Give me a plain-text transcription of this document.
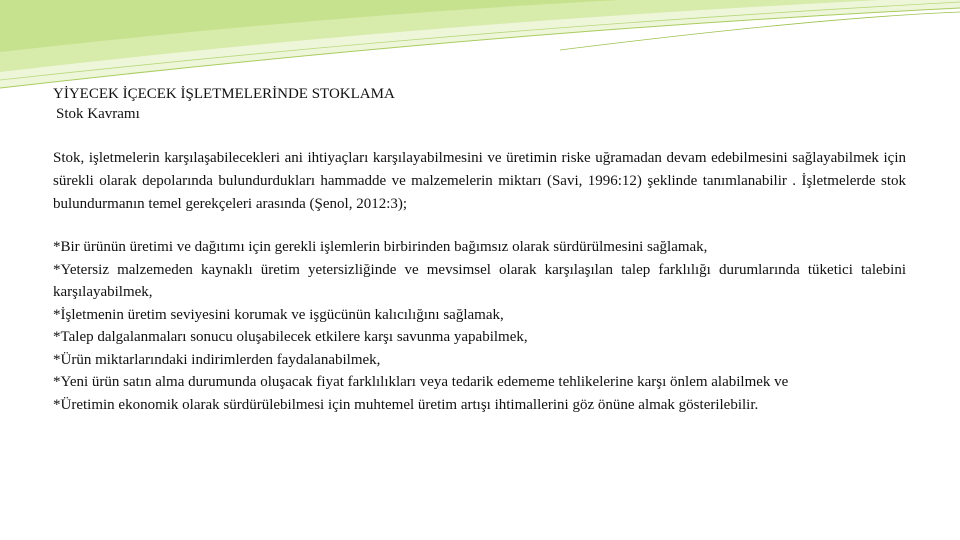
YİYECEK İÇECEK İŞLETMELERİNDE STOKLAMA

Stok Kavramı

Stok, işletmelerin karşılaşabilecekleri ani ihtiyaçları karşılayabilmesini ve üretimin riske uğramadan devam edebilmesini sağlayabilmek için sürekli olarak depolarında bulundurdukları hammadde ve malzemelerin miktarı (Savi, 1996:12) şeklinde tanımlanabilir . İşletmelerde stok bulundurmanın temel gerekçeleri arasında (Şenol, 2012:3);

*Bir ürünün üretimi ve dağıtımı için gerekli işlemlerin birbirinden bağımsız olarak sürdürülmesini sağlamak,
*Yetersiz malzemeden kaynaklı üretim yetersizliğinde ve mevsimsel olarak karşılaşılan talep farklılığı durumlarında tüketici talebini karşılayabilmek,
*İşletmenin üretim seviyesini korumak ve işgücünün kalıcılığını sağlamak,
*Talep dalgalanmaları sonucu oluşabilecek etkilere karşı savunma yapabilmek,
*Ürün miktarlarındaki indirimlerden faydalanabilmek,
*Yeni ürün satın alma durumunda oluşacak fiyat farklılıkları veya tedarik edememe tehlikelerine karşı önlem alabilmek ve
*Üretimin ekonomik olarak sürdürülebilmesi için muhtemel üretim artışı ihtimallerini göz önüne almak gösterilebilir.
